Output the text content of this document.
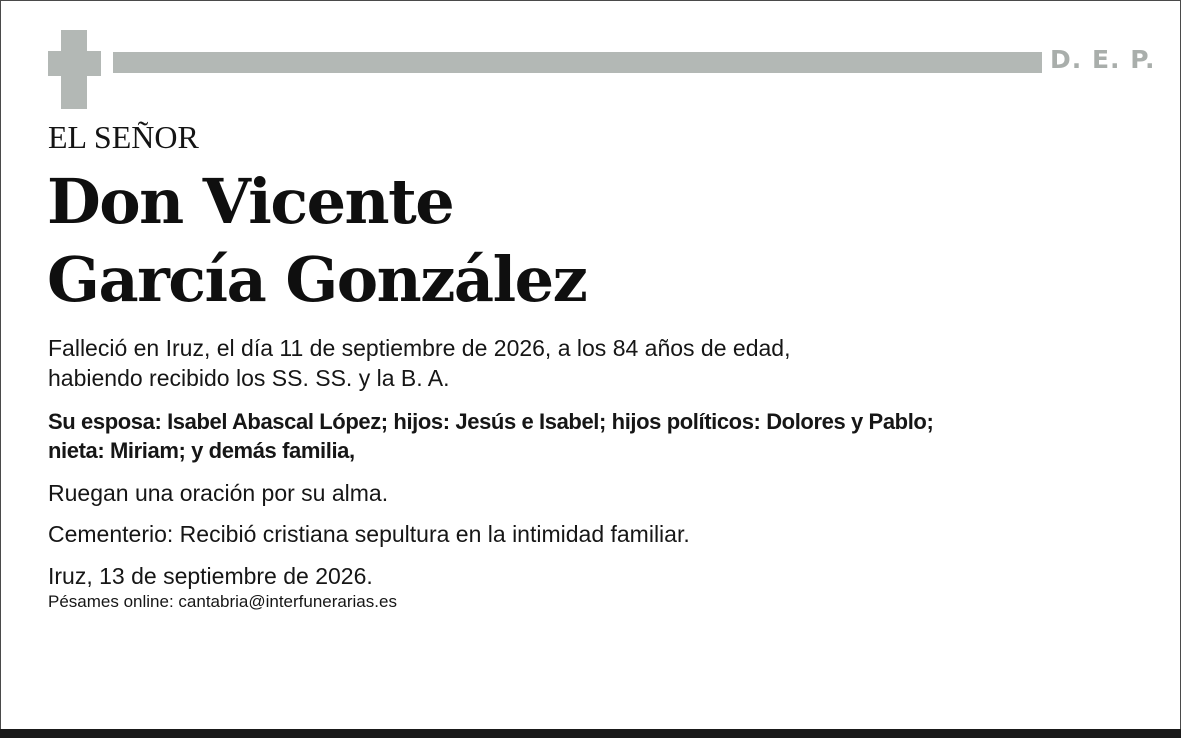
D. E. P.
EL SEÑOR
Don Vicente
García González
Falleció en Iruz, el día 11 de septiembre de 2026, a los 84 años de edad,
habiendo recibido los SS. SS. y la B. A.
Su esposa: Isabel Abascal López; hijos: Jesús e Isabel; hijos políticos: Dolores y Pablo;
nieta: Miriam; y demás familia,
Ruegan una oración por su alma.
Cementerio: Recibió cristiana sepultura en la intimidad familiar.
Iruz, 13 de septiembre de 2026.
Pésames online: cantabria@interfunerarias.es
